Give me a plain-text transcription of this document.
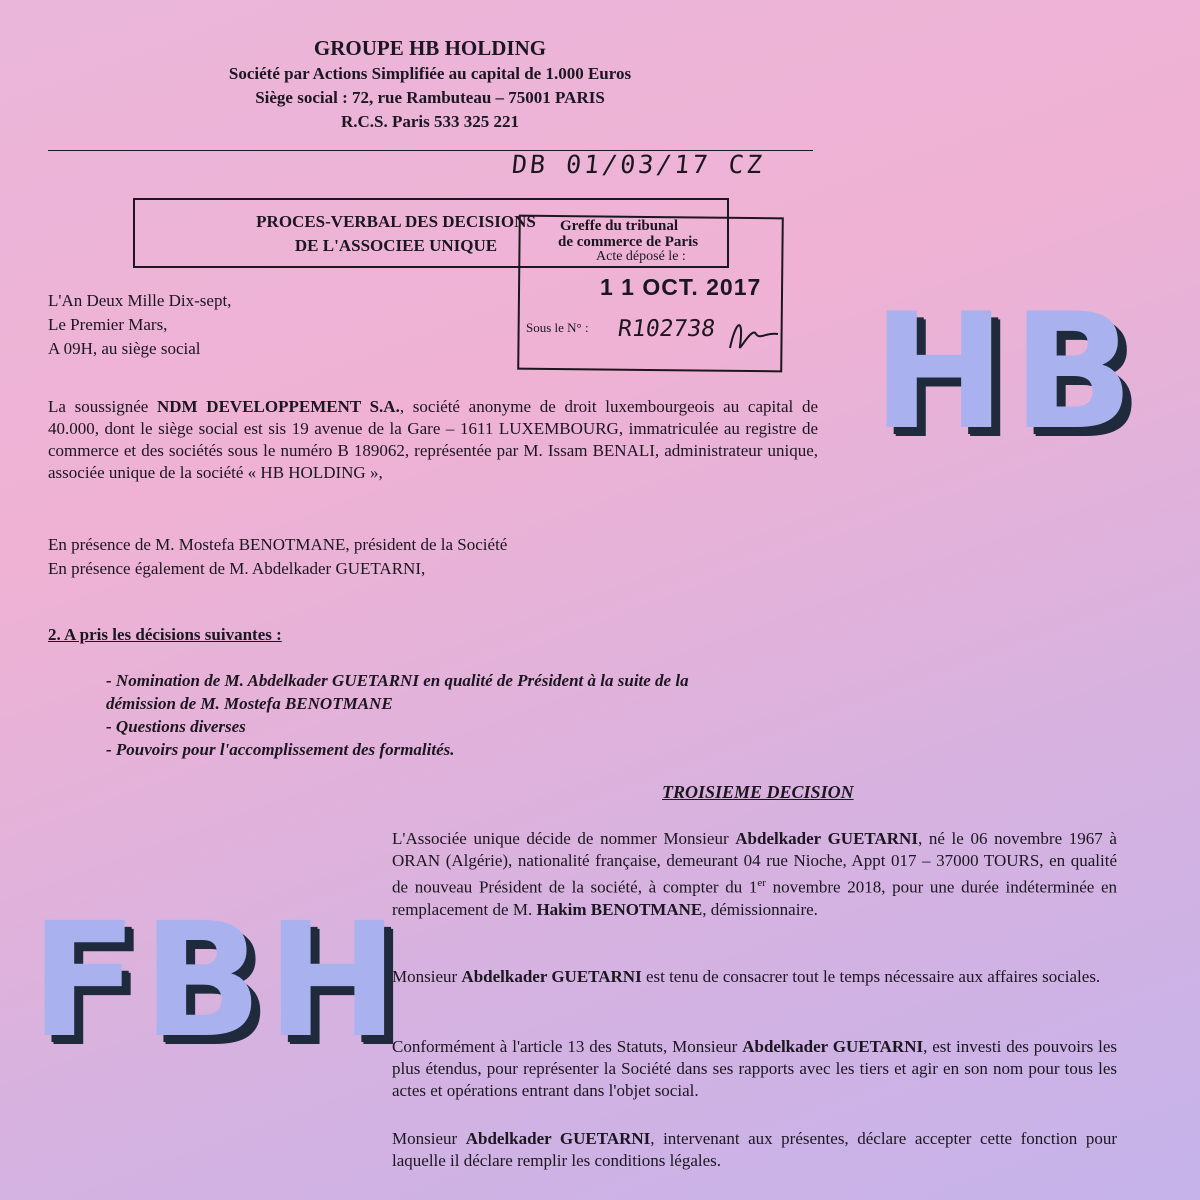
GROUPE HB HOLDING
Société par Actions Simplifiée au capital de 1.000 Euros
Siège social : 72, rue Rambuteau – 75001 PARIS
R.C.S. Paris 533 325 221
DB 01/03/17 CZ
PROCES-VERBAL DES DECISIONS
DE L'ASSOCIEE UNIQUE
Greffe du tribunal
de commerce de Paris
Acte déposé le :
1 1 OCT. 2017
Sous le N° : R102738
L'An Deux Mille Dix-sept,
Le Premier Mars,
A 09H, au siège social
La soussignée NDM DEVELOPPEMENT S.A., société anonyme de droit luxembourgeois au capital de 40.000, dont le siège social est sis 19 avenue de la Gare – 1611 LUXEMBOURG, immatriculée au registre de commerce et des sociétés sous le numéro B 189062, représentée par M. Issam BENALI, administrateur unique, associée unique de la société « HB HOLDING »,
En présence de M. Mostefa BENOTMANE, président de la Société
En présence également de M. Abdelkader GUETARNI,
2. A pris les décisions suivantes :
- Nomination de M. Abdelkader GUETARNI en qualité de Président à la suite de la
démission de M. Mostefa BENOTMANE
- Questions diverses
- Pouvoirs pour l'accomplissement des formalités.
TROISIEME DECISION
L'Associée unique décide de nommer Monsieur Abdelkader GUETARNI, né le 06 novembre 1967 à ORAN (Algérie), nationalité française, demeurant 04 rue Nioche, Appt 017 – 37000 TOURS, en qualité de nouveau Président de la société, à compter du 1er novembre 2018, pour une durée indéterminée en remplacement de M. Hakim BENOTMANE, démissionnaire.
Monsieur Abdelkader GUETARNI est tenu de consacrer tout le temps nécessaire aux affaires sociales.
Conformément à l'article 13 des Statuts, Monsieur Abdelkader GUETARNI, est investi des pouvoirs les plus étendus, pour représenter la Société dans ses rapports avec les tiers et agir en son nom pour tous les actes et opérations entrant dans l'objet social.
Monsieur Abdelkader GUETARNI, intervenant aux présentes, déclare accepter cette fonction pour laquelle il déclare remplir les conditions légales.
HB
FBH
